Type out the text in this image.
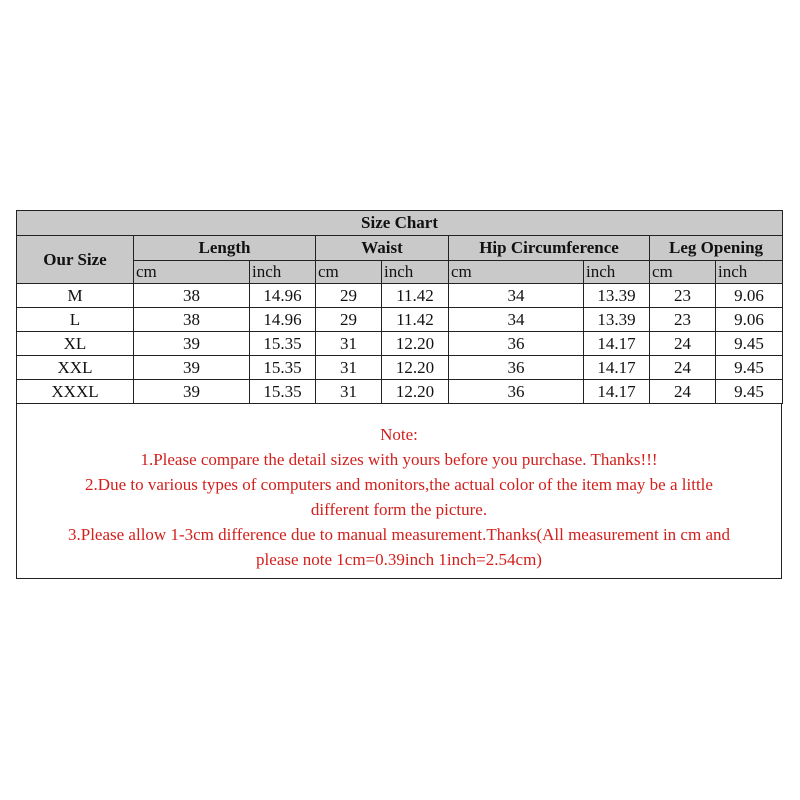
Size Chart								
Our Size	Length		Waist		Hip Circumference		Leg Opening	
	cm	inch	cm	inch	cm	inch	cm	inch
M	38	14.96	29	11.42	34	13.39	23	9.06
L	38	14.96	29	11.42	34	13.39	23	9.06
XL	39	15.35	31	12.20	36	14.17	24	9.45
XXL	39	15.35	31	12.20	36	14.17	24	9.45
XXXL	39	15.35	31	12.20	36	14.17	24	9.45
Note:
1.Please compare the detail sizes with yours before you purchase. Thanks!!!
2.Due to various types of computers and monitors,the actual color of the item may be a little
different form the picture.
3.Please allow 1-3cm difference due to manual measurement.Thanks(All measurement in cm and
please note 1cm=0.39inch 1inch=2.54cm)
